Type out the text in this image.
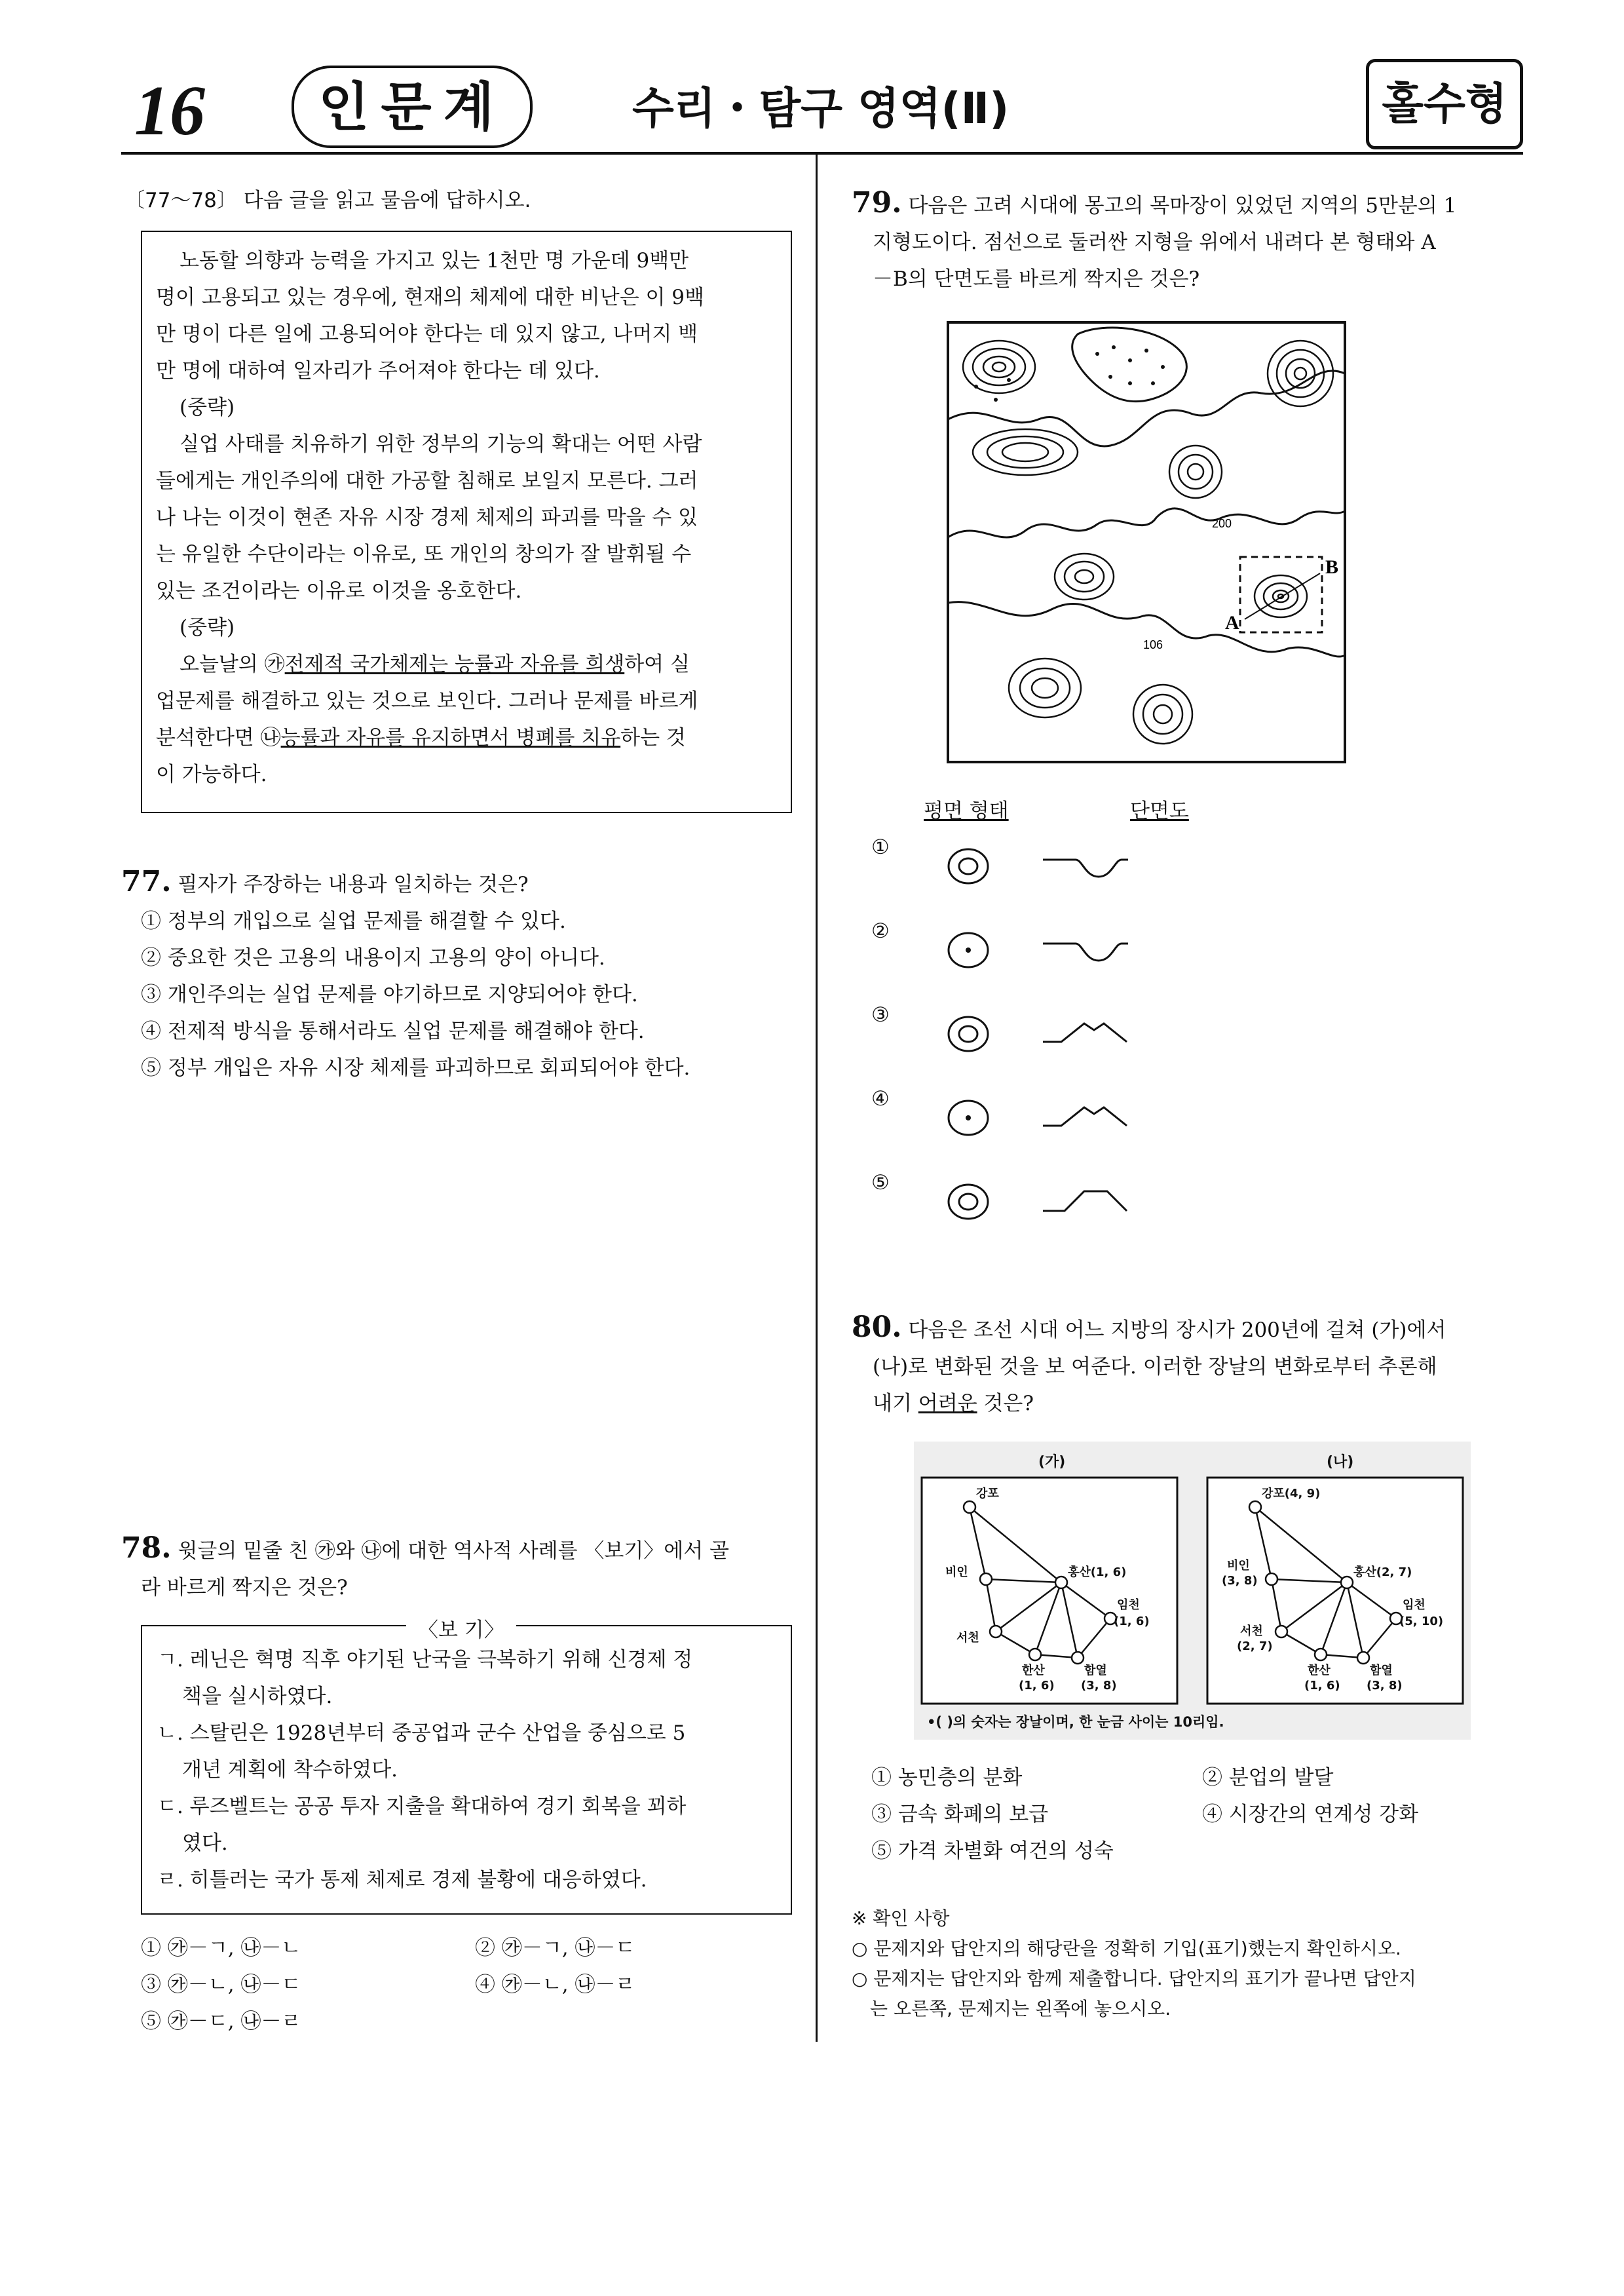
16	인문계	수리・탐구 영역(Ⅱ)	홀수형
〔77～78〕 다음 글을 읽고 물음에 답하시오.
노동할 의향과 능력을 가지고 있는 1천만 명 가운데 9백만
명이 고용되고 있는 경우에, 현재의 체제에 대한 비난은 이 9백
만 명이 다른 일에 고용되어야 한다는 데 있지 않고, 나머지 백
만 명에 대하여 일자리가 주어져야 한다는 데 있다.
(중략)
실업 사태를 치유하기 위한 정부의 기능의 확대는 어떤 사람
들에게는 개인주의에 대한 가공할 침해로 보일지 모른다. 그러
나 나는 이것이 현존 자유 시장 경제 체제의 파괴를 막을 수 있
는 유일한 수단이라는 이유로, 또 개인의 창의가 잘 발휘될 수
있는 조건이라는 이유로 이것을 옹호한다.
(중략)
오늘날의 ㉮전제적 국가체제는 능률과 자유를 희생하여 실
업문제를 해결하고 있는 것으로 보인다. 그러나 문제를 바르게
분석한다면 ㉯능률과 자유를 유지하면서 병폐를 치유하는 것
이 가능하다.
77. 필자가 주장하는 내용과 일치하는 것은?
① 정부의 개입으로 실업 문제를 해결할 수 있다.
② 중요한 것은 고용의 내용이지 고용의 양이 아니다.
③ 개인주의는 실업 문제를 야기하므로 지양되어야 한다.
④ 전제적 방식을 통해서라도 실업 문제를 해결해야 한다.
⑤ 정부 개입은 자유 시장 체제를 파괴하므로 회피되어야 한다.
78. 윗글의 밑줄 친 ㉮와 ㉯에 대한 역사적 사례를 〈보기〉에서 골
라 바르게 짝지은 것은?
〈보 기〉
ㄱ. 레닌은 혁명 직후 야기된 난국을 극복하기 위해 신경제 정
책을 실시하였다.
ㄴ. 스탈린은 1928년부터 중공업과 군수 산업을 중심으로 5
개년 계획에 착수하였다.
ㄷ. 루즈벨트는 공공 투자 지출을 확대하여 경기 회복을 꾀하
였다.
ㄹ. 히틀러는 국가 통제 체제로 경제 불황에 대응하였다.
① ㉮－ㄱ, ㉯－ㄴ	② ㉮－ㄱ, ㉯－ㄷ
③ ㉮－ㄴ, ㉯－ㄷ	④ ㉮－ㄴ, ㉯－ㄹ
⑤ ㉮－ㄷ, ㉯－ㄹ
79. 다음은 고려 시대에 몽고의 목마장이 있었던 지역의 5만분의 1
지형도이다. 점선으로 둘러싼 지형을 위에서 내려다 본 형태와 A
－B의 단면도를 바르게 짝지은 것은?
A
B
200
106
평면 형태	단면도
①
②
③
④
⑤
80. 다음은 조선 시대 어느 지방의 장시가 200년에 걸쳐 (가)에서
(나)로 변화된 것을 보 여준다. 이러한 장날의 변화로부터 추론해
내기 어려운 것은?
(가)	(나)
강포
비인	홍산(1, 6)
임천
(1, 6)
서천
한산
(1, 6)
함열
(3, 8)
강포(4, 9)
비인
(3, 8)
홍산(2, 7)
임천
(5, 10)
서천
(2, 7)
한산
(1, 6)
함열
(3, 8)
•( )의 숫자는 장날이며, 한 눈금 사이는 10리임.
① 농민층의 분화	② 분업의 발달
③ 금속 화폐의 보급	④ 시장간의 연계성 강화
⑤ 가격 차별화 여건의 성숙
※ 확인 사항
○ 문제지와 답안지의 해당란을 정확히 기입(표기)했는지 확인하시오.
○ 문제지는 답안지와 함께 제출합니다. 답안지의 표기가 끝나면 답안지
는 오른쪽, 문제지는 왼쪽에 놓으시오.
